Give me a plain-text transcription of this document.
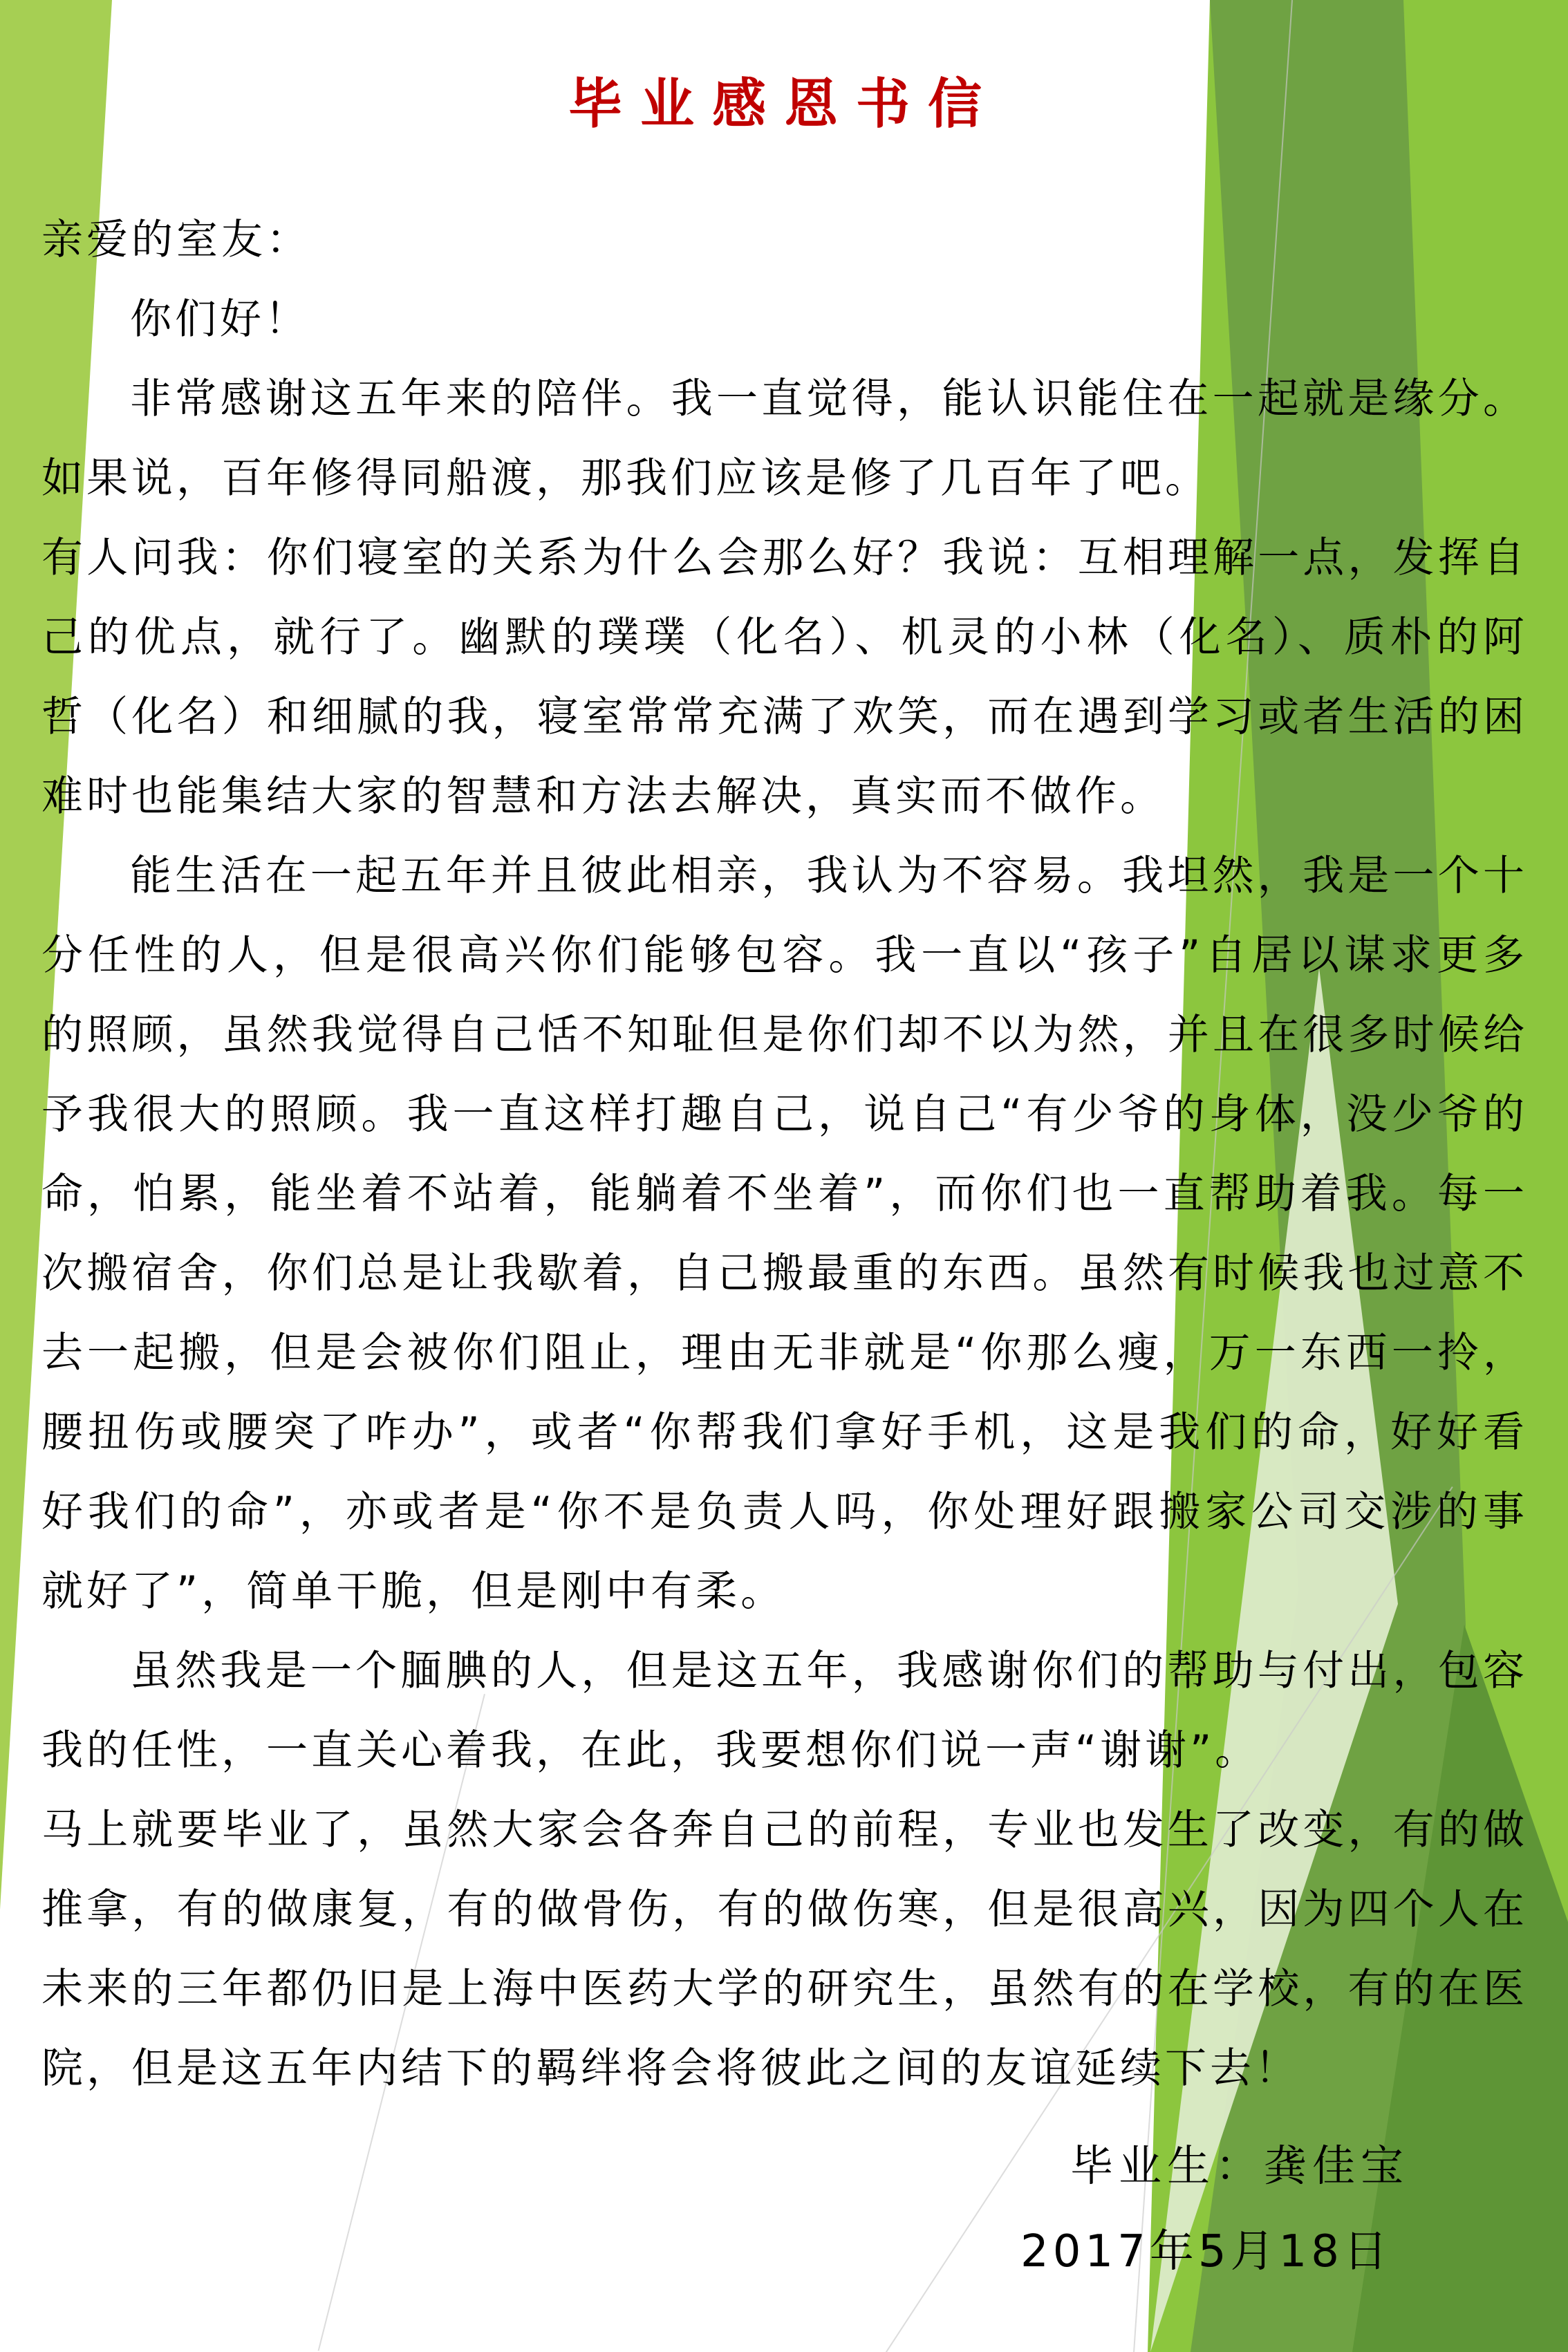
毕业感恩书信
亲爱的室友：
你们好！
非常感谢这五年来的陪伴。我一直觉得，能认识能住在一起就是缘分。
如果说，百年修得同船渡，那我们应该是修了几百年了吧。
有人问我：你们寝室的关系为什么会那么好？我说：互相理解一点，发挥自
己的优点，就行了。幽默的璞璞（化名）、机灵的小林（化名）、质朴的阿
哲（化名）和细腻的我，寝室常常充满了欢笑，而在遇到学习或者生活的困
难时也能集结大家的智慧和方法去解决，真实而不做作。
能生活在一起五年并且彼此相亲，我认为不容易。我坦然，我是一个十
分任性的人，但是很高兴你们能够包容。我一直以“孩子”自居以谋求更多
的照顾，虽然我觉得自己恬不知耻但是你们却不以为然，并且在很多时候给
予我很大的照顾。我一直这样打趣自己，说自己“有少爷的身体，没少爷的
命，怕累，能坐着不站着，能躺着不坐着”，而你们也一直帮助着我。每一
次搬宿舍，你们总是让我歇着，自己搬最重的东西。虽然有时候我也过意不
去一起搬，但是会被你们阻止，理由无非就是“你那么瘦，万一东西一拎，
腰扭伤或腰突了咋办”，或者“你帮我们拿好手机，这是我们的命，好好看
好我们的命”，亦或者是“你不是负责人吗，你处理好跟搬家公司交涉的事
就好了”，简单干脆，但是刚中有柔。
虽然我是一个腼腆的人，但是这五年，我感谢你们的帮助与付出，包容
我的任性，一直关心着我，在此，我要想你们说一声“谢谢”。
马上就要毕业了，虽然大家会各奔自己的前程，专业也发生了改变，有的做
推拿，有的做康复，有的做骨伤，有的做伤寒，但是很高兴，因为四个人在
未来的三年都仍旧是上海中医药大学的研究生，虽然有的在学校，有的在医
院，但是这五年内结下的羁绊将会将彼此之间的友谊延续下去！
毕业生：龚佳宝
2017年5月18日
